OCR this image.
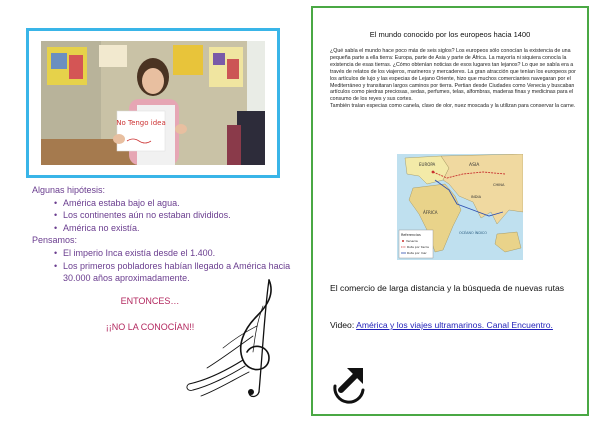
No Tengo idea

Algunas hipótesis:

• América estaba bajo el agua.
• Los continentes aún no estaban divididos.
• América no existía.

Pensamos:

• El imperio Inca existía desde el 1.400.
• Los primeros pobladores habían llegado a América hacia 30.000 años aproximadamente.
ENTONCES…
¡¡NO LA CONOCÍAN!!
El mundo conocido por los europeos hacia 1400

¿Qué sabía el mundo hace poco más de seis siglos? Los europeos sólo conocían la existencia de una pequeña parte a ella tierra: Europa, parte de Asia y parte de África. La mayoría ni siquiera conocía la existencia de esas tierras. ¿Cómo obtenían noticias de esos lugares tan lejanos? Lo que se sabía era a través de relatos de los viajeros, marineros y mercaderes. La gran atracción que tenían los europeos por los artículos de lujo y las especias de Lejano Oriente, hizo que muchos comerciantes navegaran por el Mediterráneo y transitaran largos caminos por tierra. Pertian desde Ciudades como Venecia y buscaban artículos como piedras preciosas, sedas, perfumes, telas, alfombras, maderas finas y medicinas para el consumo de los reyes y sus cortes.

También traían especias como canela, clavo de olor, nuez moscada y la utilizan para conservar la carne.

EUROPA	ASIA
CHINA
INDIA
ÁFRICA
OCÉANO ÍNDICO
Referencias
Venecia
Ruta por tierra
Ruta por mar
El comercio de larga distancia y la búsqueda de nuevas rutas
Video: América y los viajes ultramarinos. Canal Encuentro.
